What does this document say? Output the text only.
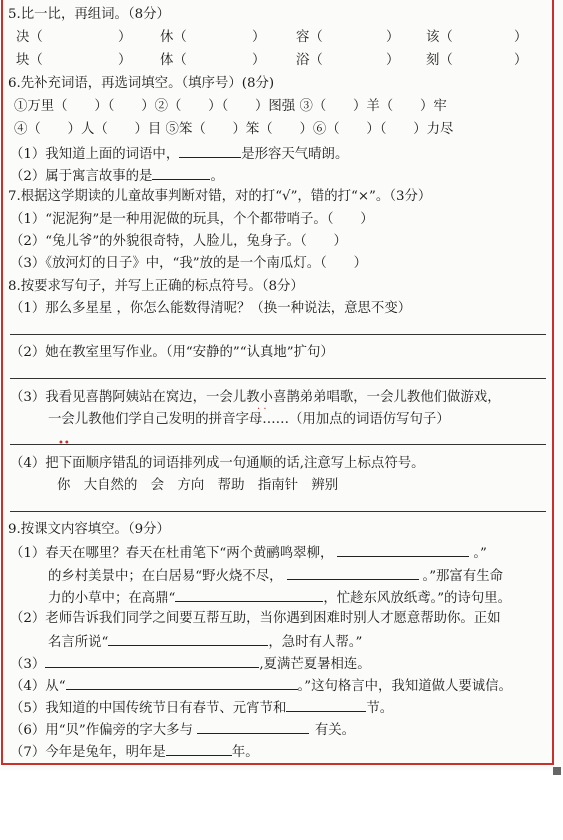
5.比一比，再组词。（8分）
决（	） 休（	） 容（	） 该（	）
块（	） 体（	） 浴（	） 刻（	）
6.先补充词语，再选词填空。（填序号）(8分)
①万里（　　）（　　）②（　　）（　　）图强 ③（　　）羊（　　）牢
④（　　）人（　　）目 ⑤笨（　　）笨（　　）⑥（　　）（　　）力尽
（1）我知道上面的词语中，	是形容天气晴朗。
（2）属于寓言故事的是	。
7.根据这学期读的儿童故事判断对错，对的打“√”，错的打“×”。（3分）
（1）“泥泥狗”是一种用泥做的玩具，个个都带哨子。（　　）
（2）“兔儿爷”的外貌很奇特，人脸儿，兔身子。（　　）
（3）《放河灯的日子》中，“我”放的是一个南瓜灯。（　　）
8.按要求写句子，并写上正确的标点符号。（8分）
（1）那么多星星 ，你怎么能数得清呢？（换一种说法，意思不变）
（2）她在教室里写作业。（用“安静的”“认真地”扩句）
（3）我看见喜鹊阿姨站在窝边，一会儿教小喜鹊弟弟唱歌，一会儿教他们做游戏，
一会儿教他们学自己发明的拼音字母……（用加点的词语仿写句子）
· ·
••
（4）把下面顺序错乱的词语排列成一句通顺的话,注意写上标点符号。
你　大自然的　会　方向　帮助　指南针　辨别
9.按课文内容填空。（9分）
（1）春天在哪里？春天在杜甫笔下“两个黄鹂鸣翠柳，	。”
的乡村美景中；在白居易“野火烧不尽，	。”那富有生命
力的小草中；在高鼎“	，忙趁东风放纸鸢。”的诗句里。
（2）老师告诉我们同学之间要互帮互助，当你遇到困难时别人才愿意帮助你。正如
名言所说“	，急时有人帮。”
（3）	,夏满芒夏暑相连。
（4）从“	。”这句格言中，我知道做人要诚信。
（5）我知道的中国传统节日有春节、元宵节和	节。
（6）用“贝”作偏旁的字大多与	有关。
（7）今年是兔年，明年是	年。
